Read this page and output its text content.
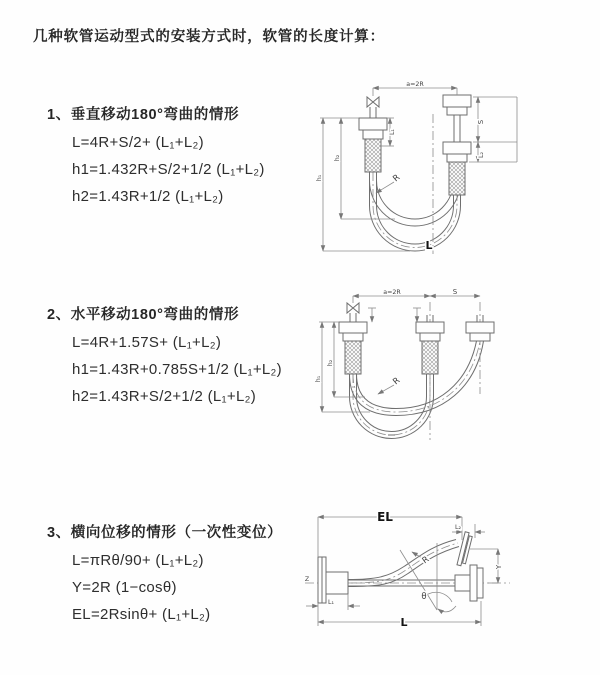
几种软管运动型式的安装方式时，软管的长度计算：
1、垂直移动180°弯曲的情形
L=4R+S/2+ (L₁+L₂)
h1=1.432R+S/2+1/2 (L₁+L₂)
h2=1.43R+1/2 (L₁+L₂)
2、水平移动180°弯曲的情形
L=4R+1.57S+ (L₁+L₂)
h1=1.43R+0.785S+1/2 (L₁+L₂)
h2=1.43R+S/2+1/2 (L₁+L₂)
3、横向位移的情形（一次性变位）
L=πRθ/90+ (L₁+L₂)
Y=2R (1−cosθ)
EL=2Rsinθ+ (L₁+L₂)
a=2R
S
L₂
L₁
h₁
h₂
R
L
a=2R	S
h₁
h₂
R
EL
L₂
Y
R
θ
L
L₁
Z
